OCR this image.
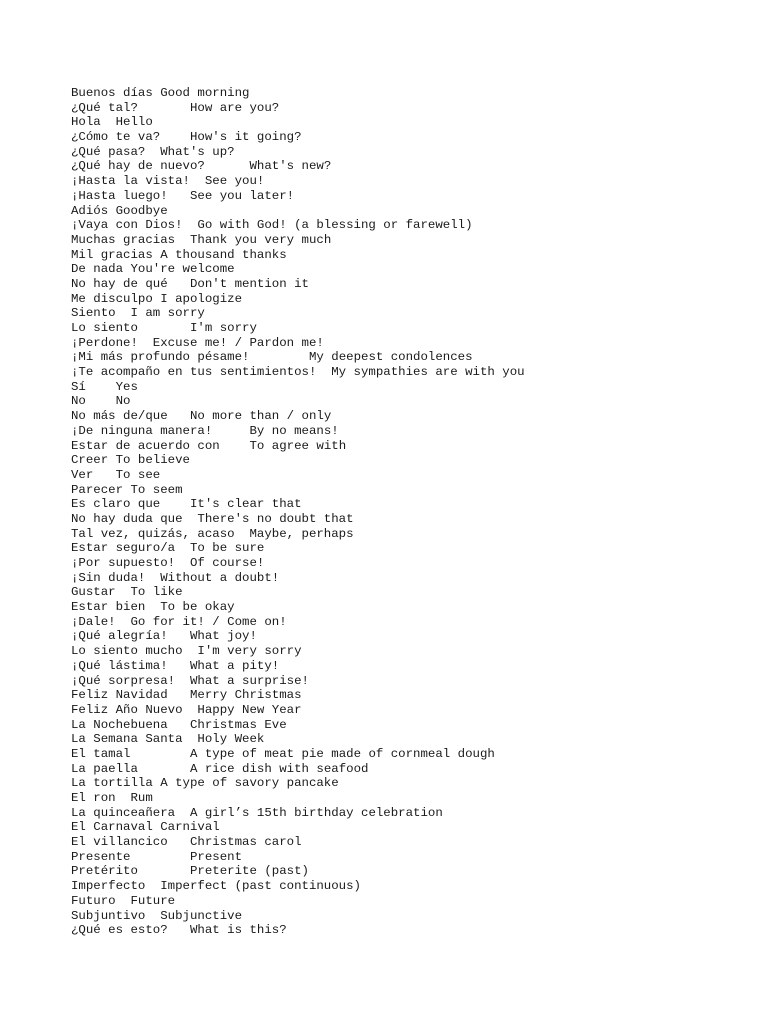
Buenos días Good morning
¿Qué tal?	How are you?
Hola  Hello
¿Cómo te va?	How's it going?
¿Qué pasa?  What's up?
¿Qué hay de nuevo?	What's new?
¡Hasta la vista!  See you!
¡Hasta luego!	See you later!
Adiós Goodbye
¡Vaya con Dios!  Go with God! (a blessing or farewell)
Muchas gracias	Thank you very much
Mil gracias A thousand thanks
De nada	You're welcome
No hay de qué	Don't mention it
Me disculpo I apologize
Siento	I am sorry
Lo siento	I'm sorry
¡Perdone!  Excuse me! / Pardon me!
¡Mi más profundo pésame!	My deepest condolences
¡Te acompaño en tus sentimientos!  My sympathies are with you
Sí    Yes
No    No
No más de/que	No more than / only
¡De ninguna manera!	By no means!
Estar de acuerdo con	To agree with
Creer To believe
Ver   To see
Parecer	To seem
Es claro que	It's clear that
No hay duda que  There's no doubt that
Tal vez, quizás, acaso  Maybe, perhaps
Estar seguro/a	To be sure
¡Por supuesto!	Of course!
¡Sin duda!  Without a doubt!
Gustar	To like
Estar bien  To be okay
¡Dale!	Go for it! / Come on!
¡Qué alegría!	What joy!
Lo siento mucho  I'm very sorry
¡Qué lástima!	What a pity!
¡Qué sorpresa!	What a surprise!
Feliz Navidad	Merry Christmas
Feliz Año Nuevo  Happy New Year
La Nochebuena	Christmas Eve
La Semana Santa  Holy Week
El tamal	A type of meat pie made of cornmeal dough
La paella	A rice dish with seafood
La tortilla A type of savory pancake
El ron	Rum
La quinceañera	A girl’s 15th birthday celebration
El Carnaval Carnival
El villancico	Christmas carol
Presente	Present
Pretérito	Preterite (past)
Imperfecto  Imperfect (past continuous)
Futuro	Future
Subjuntivo  Subjunctive
¿Qué es esto?	What is this?
